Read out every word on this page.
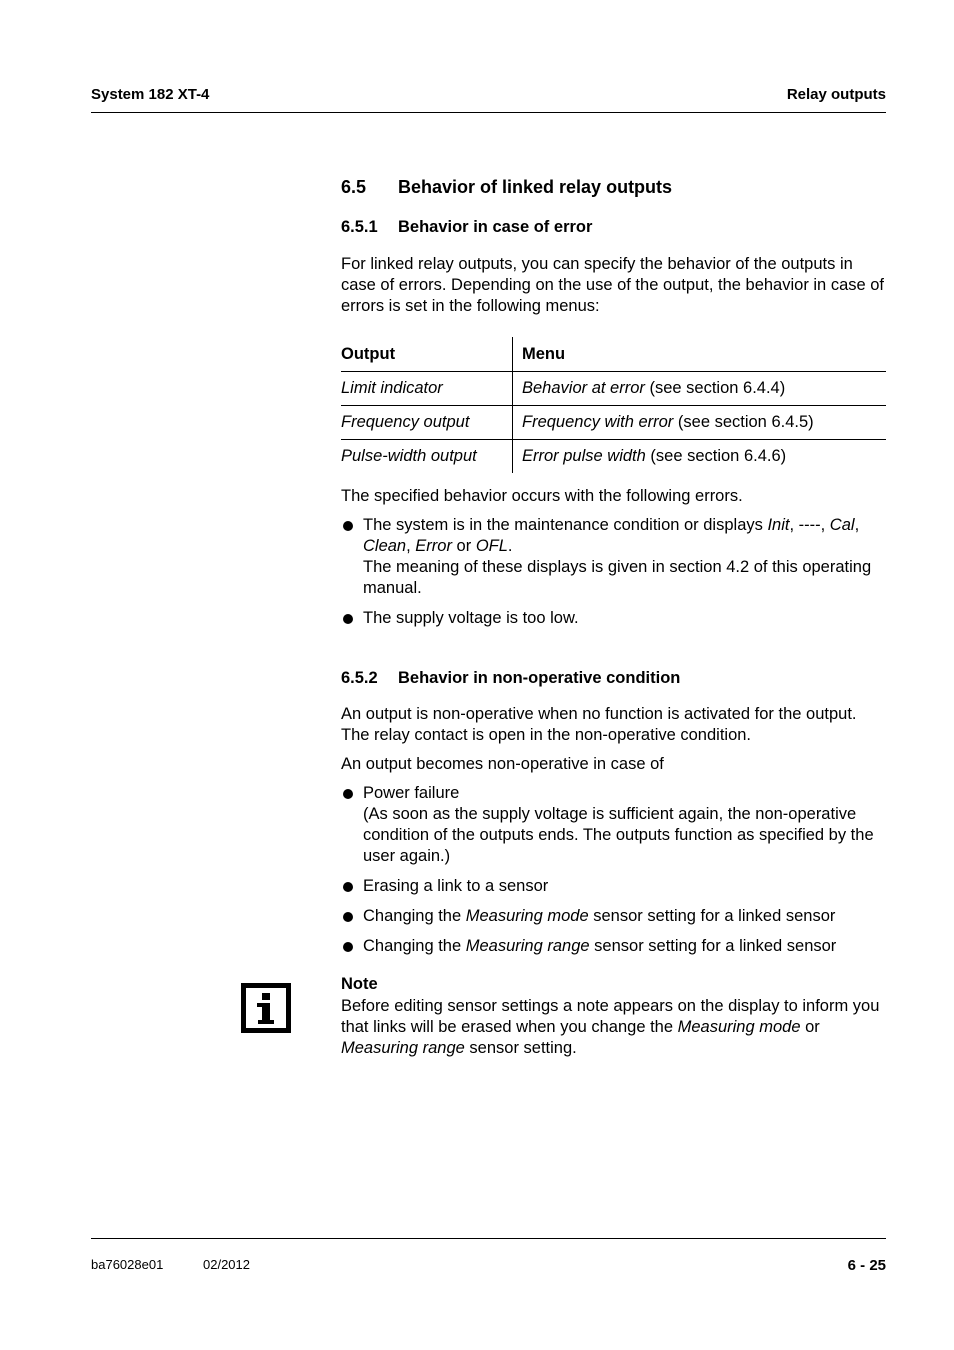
System 182 XT-4	Relay outputs
6.5 Behavior of linked relay outputs
6.5.1 Behavior in case of error
For linked relay outputs, you can specify the behavior of the outputs in case of errors. Depending on the use of the output, the behavior in case of errors is set in the following menus:
Output	Menu
Limit indicator	Behavior at error (see section 6.4.4)
Frequency output	Frequency with error (see section 6.4.5)
Pulse-width output	Error pulse width (see section 6.4.6)
The specified behavior occurs with the following errors.
The system is in the maintenance condition or displays Init, ----, Cal,
Clean, Error or OFL.
The meaning of these displays is given in section 4.2 of this operating manual.
The supply voltage is too low.
6.5.2 Behavior in non-operative condition
An output is non-operative when no function is activated for the output. The relay contact is open in the non-operative condition.
An output becomes non-operative in case of
Power failure
(As soon as the supply voltage is sufficient again, the non-operative condition of the outputs ends. The outputs function as specified by the user again.)
Erasing a link to a sensor
Changing the Measuring mode sensor setting for a linked sensor
Changing the Measuring range sensor setting for a linked sensor
Note
Before editing sensor settings a note appears on the display to inform you that links will be erased when you change the Measuring mode or Measuring range sensor setting.
ba76028e01	02/2012	6 - 25
